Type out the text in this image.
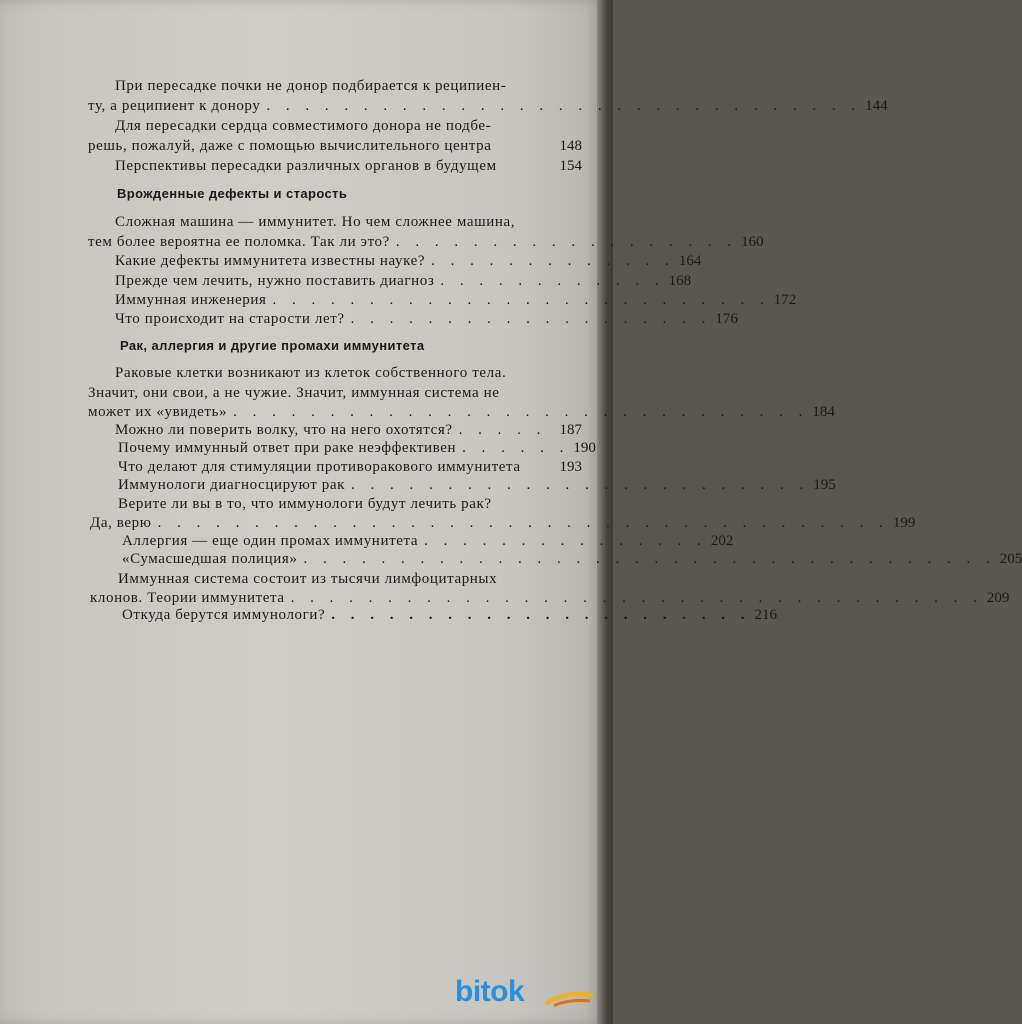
При пересадке почки не донор подбирается к реципиен-
ту, а реципиент к донору . . . . . . . . . . . . . . . . . . . . . . . . . . . . . . . 144
Для пересадки сердца совместимого донора не подбе-
решь, пожалуй, даже с помощью вычислительного центра	148
Перспективы пересадки различных органов в будущем	154
Врожденные дефекты и старость
Сложная машина — иммунитет. Но чем сложнее машина,
тем более вероятна ее поломка. Так ли это? . . . . . . . . . . . . . . . . . . 160
Какие дефекты иммунитета известны науке? . . . . . . . . . . . . . 164
Прежде чем лечить, нужно поставить диагноз . . . . . . . . . . . . 168
Иммунная инженерия . . . . . . . . . . . . . . . . . . . . . . . . . . 172
Что происходит на старости лет? . . . . . . . . . . . . . . . . . . . 176
Рак, аллергия и другие промахи иммунитета
Раковые клетки возникают из клеток собственного тела.
Значит, они свои, а не чужие. Значит, иммунная система не
может их «увидеть» . . . . . . . . . . . . . . . . . . . . . . . . . . . . . . 184
Можно ли поверить волку, что на него охотятся? . . . . . 187
Почему иммунный ответ при раке неэффективен . . . . . . 190
Что делают для стимуляции противоракового иммунитета	193
Иммунологи диагносцируют рак . . . . . . . . . . . . . . . . . . . . . . . . 195
Верите ли вы в то, что иммунологи будут лечить рак?
Да, верю . . . . . . . . . . . . . . . . . . . . . . . . . . . . . . . . . . . . . . 199
Аллергия — еще один промах иммунитета . . . . . . . . . . . . . . . 202
«Сумасшедшая полиция» . . . . . . . . . . . . . . . . . . . . . . . . . . . . . . . . . . . . 205
Иммунная система состоит из тысячи лимфоцитарных
клонов. Теории иммунитета . . . . . . . . . . . . . . . . . . . . . . . . . . . . . . . . . . . . 209
Откуда берутся иммунологи? . . . . . . . . . . . . . . . . . . . . . . 216
bitok
